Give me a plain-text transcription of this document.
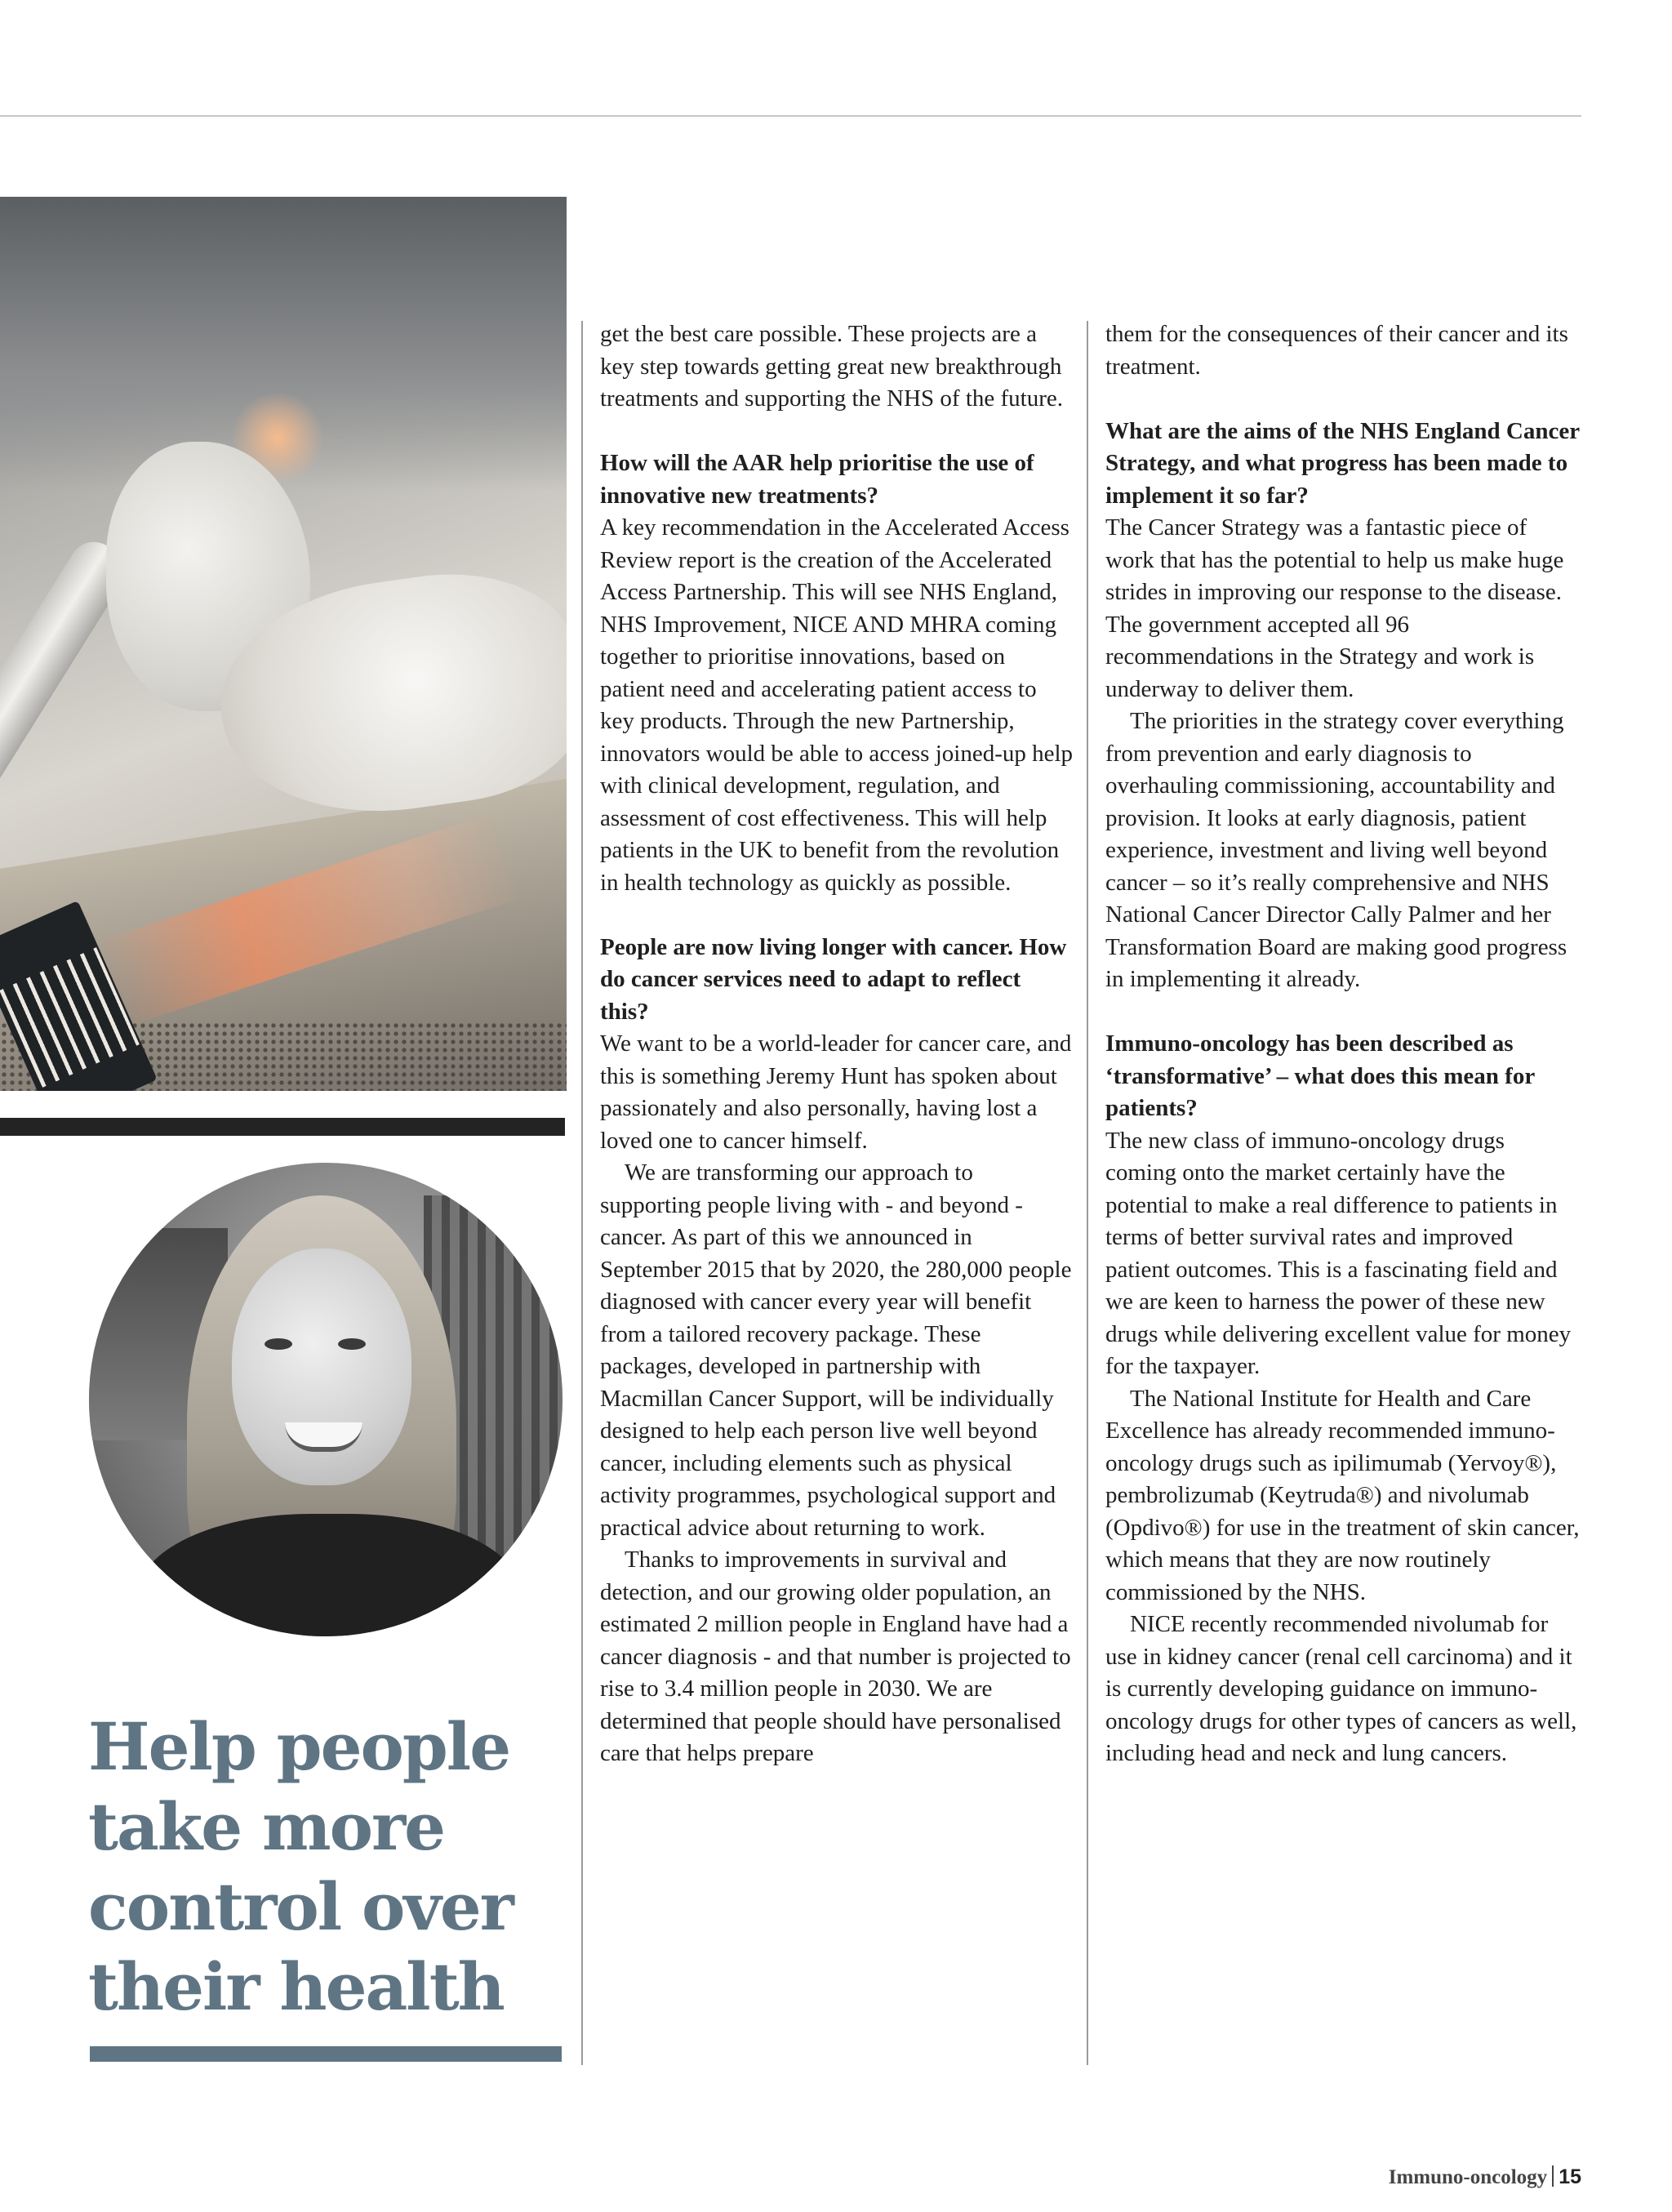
Help people take more control over their health

get the best care possible. These projects are a key step towards getting great new breakthrough treatments and supporting the NHS of the future.

How will the AAR help prioritise the use of innovative new treatments?

A key recommendation in the Accelerated Access Review report is the creation of the Accelerated Access Partnership. This will see NHS England, NHS Improvement, NICE AND MHRA coming together to prioritise innovations, based on patient need and accelerating patient access to key products. Through the new Partnership, innovators would be able to access joined-up help with clinical development, regulation, and assessment of cost effectiveness. This will help patients in the UK to benefit from the revolution in health technology as quickly as possible.

People are now living longer with cancer. How do cancer services need to adapt to reflect this?

We want to be a world-leader for cancer care, and this is something Jeremy Hunt has spoken about passionately and also personally, having lost a loved one to cancer himself.

We are transforming our approach to supporting people living with - and beyond - cancer. As part of this we announced in September 2015 that by 2020, the 280,000 people diagnosed with cancer every year will benefit from a tailored recovery package. These packages, developed in partnership with Macmillan Cancer Support, will be individually designed to help each person live well beyond cancer, including elements such as physical activity programmes, psychological support and practical advice about returning to work.

Thanks to improvements in survival and detection, and our growing older population, an estimated 2 million people in England have had a cancer diagnosis - and that number is projected to rise to 3.4 million people in 2030. We are determined that people should have personalised care that helps prepare

them for the consequences of their cancer and its treatment.

What are the aims of the NHS England Cancer Strategy, and what progress has been made to implement it so far?

The Cancer Strategy was a fantastic piece of work that has the potential to help us make huge strides in improving our response to the disease. The government accepted all 96 recommendations in the Strategy and work is underway to deliver them.

The priorities in the strategy cover everything from prevention and early diagnosis to overhauling commissioning, accountability and provision. It looks at early diagnosis, patient experience, investment and living well beyond cancer – so it’s really comprehensive and NHS National Cancer Director Cally Palmer and her Transformation Board are making good progress in implementing it already.

Immuno-oncology has been described as ‘transformative’ – what does this mean for patients?

The new class of immuno-oncology drugs coming onto the market certainly have the potential to make a real difference to patients in terms of better survival rates and improved patient outcomes. This is a fascinating field and we are keen to harness the power of these new drugs while delivering excellent value for money for the taxpayer.

The National Institute for Health and Care Excellence has already recommended immuno-oncology drugs such as ipilimumab (Yervoy®), pembrolizumab (Keytruda®) and nivolumab (Opdivo®) for use in the treatment of skin cancer, which means that they are now routinely commissioned by the NHS.

NICE recently recommended nivolumab for use in kidney cancer (renal cell carcinoma) and it is currently developing guidance on immuno-oncology drugs for other types of cancers as well, including head and neck and lung cancers.

Immuno-oncology 15
